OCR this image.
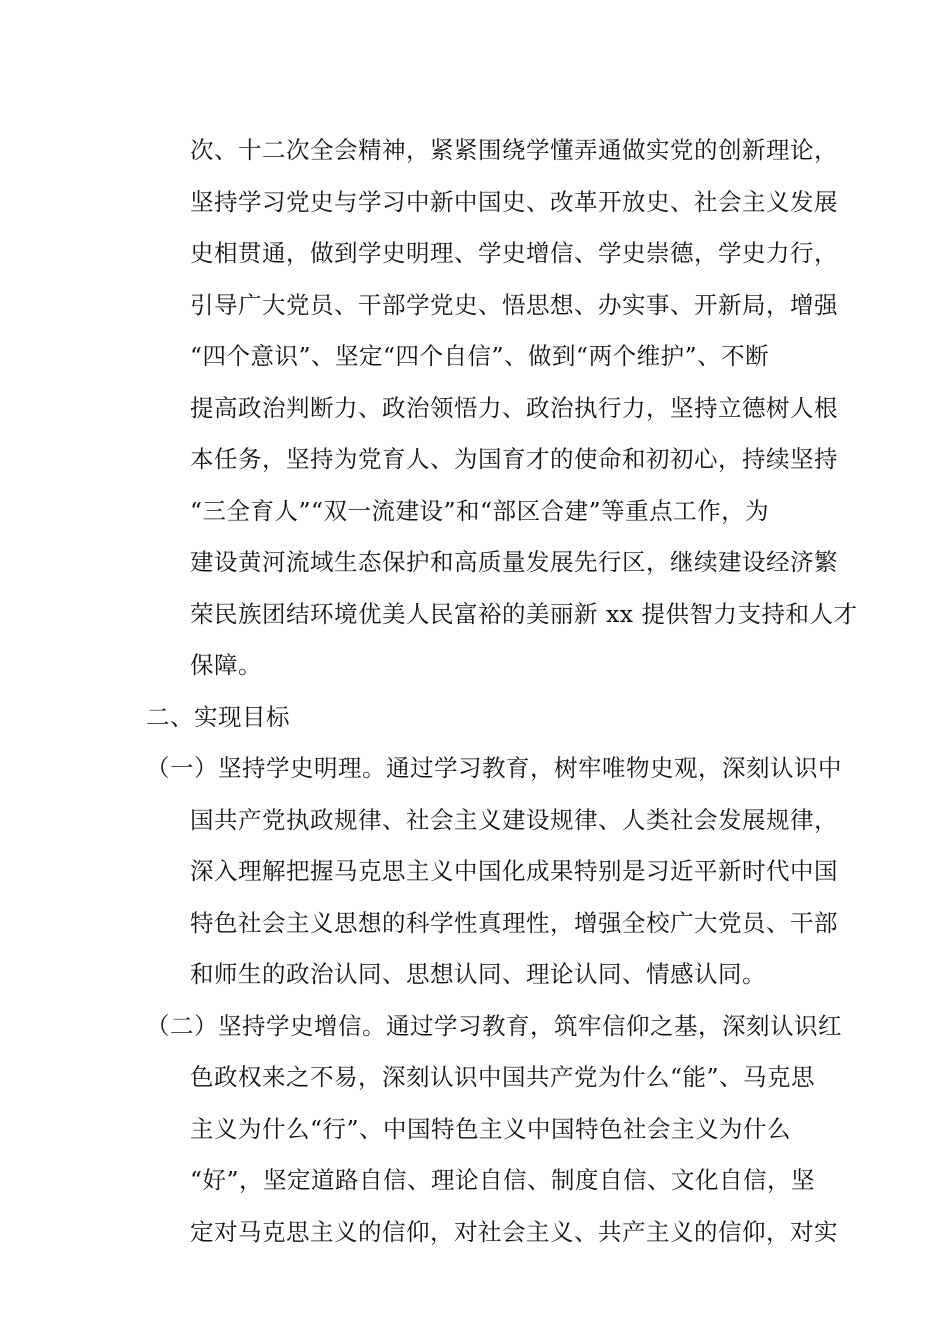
次、十二次全会精神，紧紧围绕学懂弄通做实党的创新理论，
坚持学习党史与学习中新中国史、改革开放史、社会主义发展
史相贯通，做到学史明理、学史增信、学史崇德，学史力行，
引导广大党员、干部学党史、悟思想、办实事、开新局，增强
“四个意识”、坚定“四个自信”、做到“两个维护”、不断
提高政治判断力、政治领悟力、政治执行力，坚持立德树人根
本任务，坚持为党育人、为国育才的使命和初初心，持续坚持
“三全育人”“双一流建设”和“部区合建”等重点工作，为
建设黄河流域生态保护和高质量发展先行区，继续建设经济繁
荣民族团结环境优美人民富裕的美丽新 xx 提供智力支持和人才
保障。
二、实现目标
（一）坚持学史明理。通过学习教育，树牢唯物史观，深刻认识中
国共产党执政规律、社会主义建设规律、人类社会发展规律，
深入理解把握马克思主义中国化成果特别是习近平新时代中国
特色社会主义思想的科学性真理性，增强全校广大党员、干部
和师生的政治认同、思想认同、理论认同、情感认同。
（二）坚持学史增信。通过学习教育，筑牢信仰之基，深刻认识红
色政权来之不易，深刻认识中国共产党为什么“能”、马克思
主义为什么“行”、中国特色主义中国特色社会主义为什么
“好”，坚定道路自信、理论自信、制度自信、文化自信，坚
定对马克思主义的信仰，对社会主义、共产主义的信仰，对实
